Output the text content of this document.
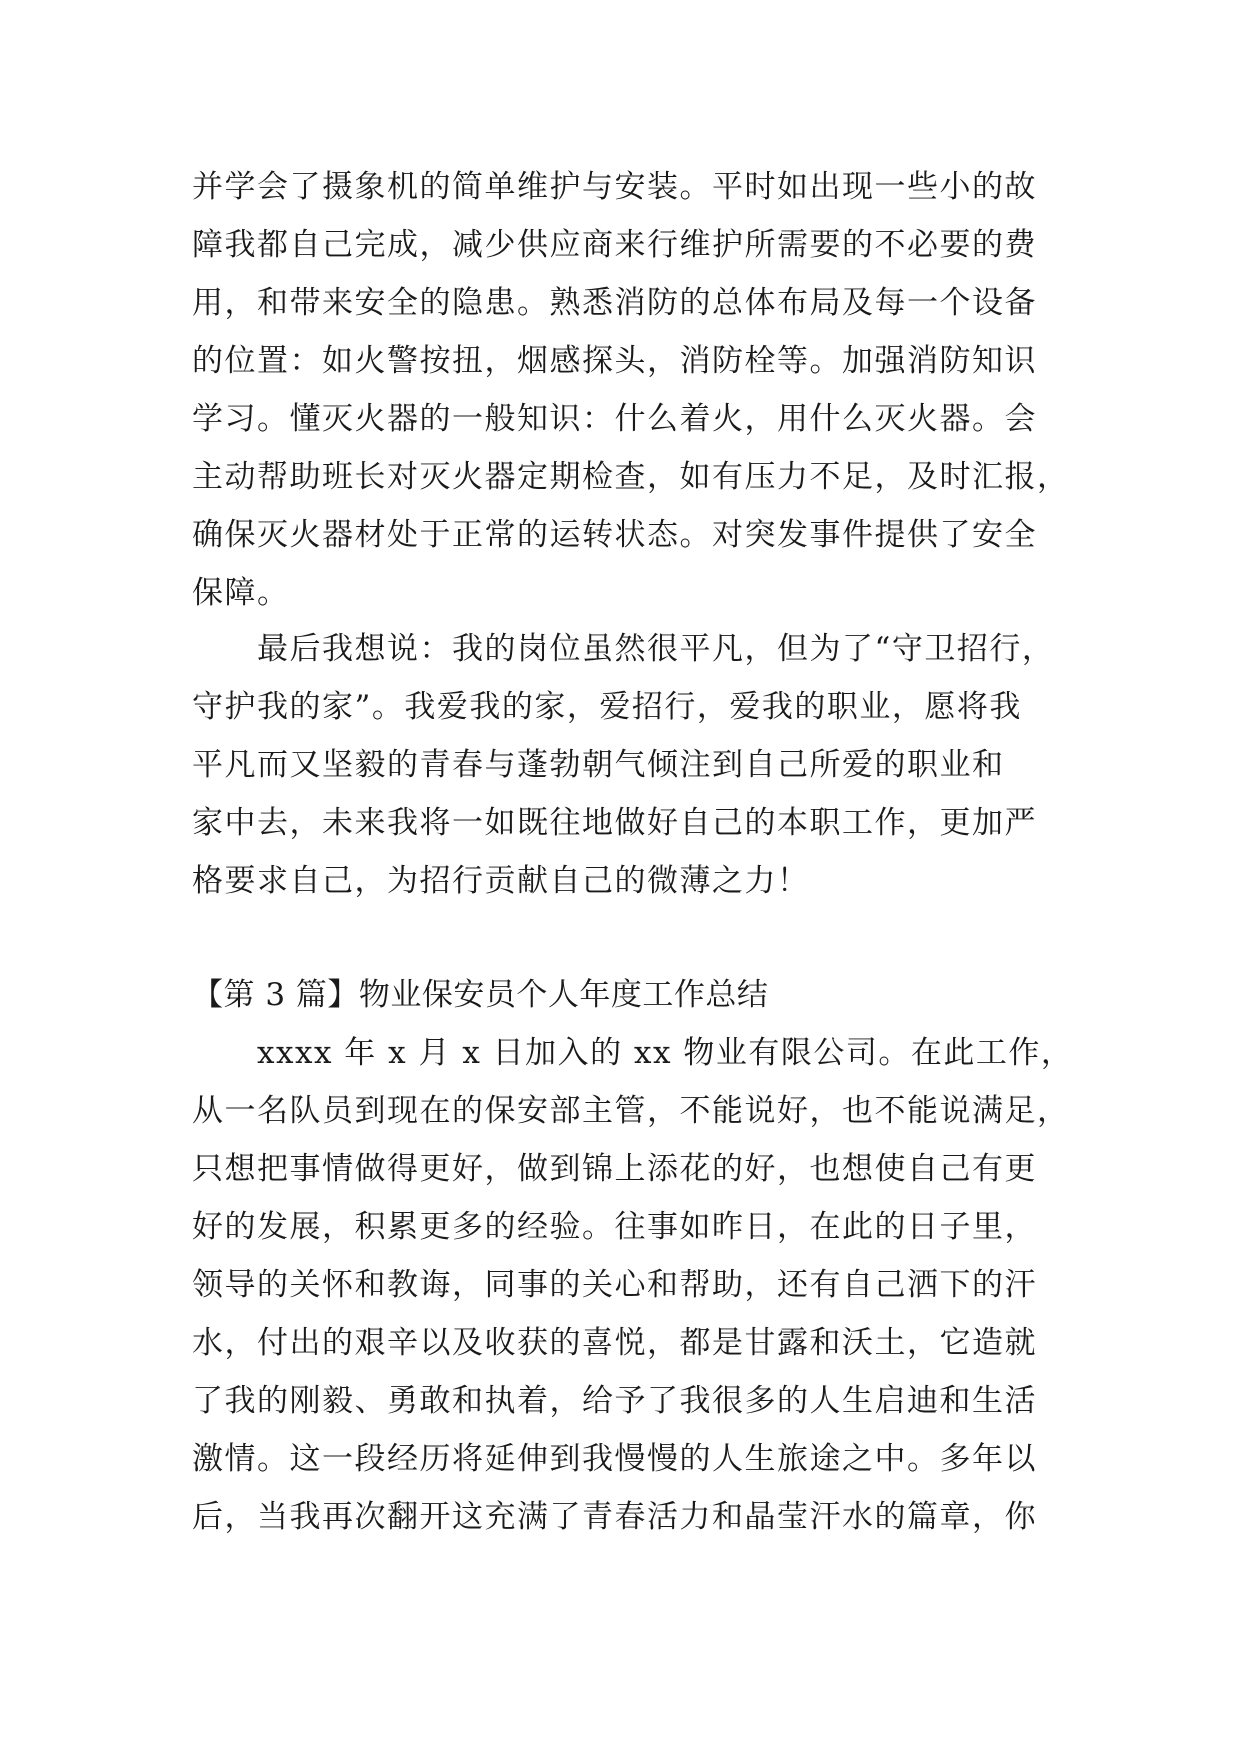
并学会了摄象机的简单维护与安装。平时如出现一些小的故
障我都自己完成，减少供应商来行维护所需要的不必要的费
用，和带来安全的隐患。熟悉消防的总体布局及每一个设备
的位置：如火警按扭，烟感探头，消防栓等。加强消防知识
学习。懂灭火器的一般知识：什么着火，用什么灭火器。会
主动帮助班长对灭火器定期检查，如有压力不足，及时汇报，
确保灭火器材处于正常的运转状态。对突发事件提供了安全
保障。
　　最后我想说：我的岗位虽然很平凡，但为了“守卫招行，
守护我的家”。我爱我的家，爱招行，爱我的职业，愿将我
平凡而又坚毅的青春与蓬勃朝气倾注到自己所爱的职业和
家中去，未来我将一如既往地做好自己的本职工作，更加严
格要求自己，为招行贡献自己的微薄之力！
【第 3 篇】物业保安员个人年度工作总结
　　xxxx 年 x 月 x 日加入的 xx 物业有限公司。在此工作，
从一名队员到现在的保安部主管，不能说好，也不能说满足，
只想把事情做得更好，做到锦上添花的好，也想使自己有更
好的发展，积累更多的经验。往事如昨日，在此的日子里，
领导的关怀和教诲，同事的关心和帮助，还有自己洒下的汗
水，付出的艰辛以及收获的喜悦，都是甘露和沃土，它造就
了我的刚毅、勇敢和执着，给予了我很多的人生启迪和生活
激情。这一段经历将延伸到我慢慢的人生旅途之中。多年以
后，当我再次翻开这充满了青春活力和晶莹汗水的篇章，你
